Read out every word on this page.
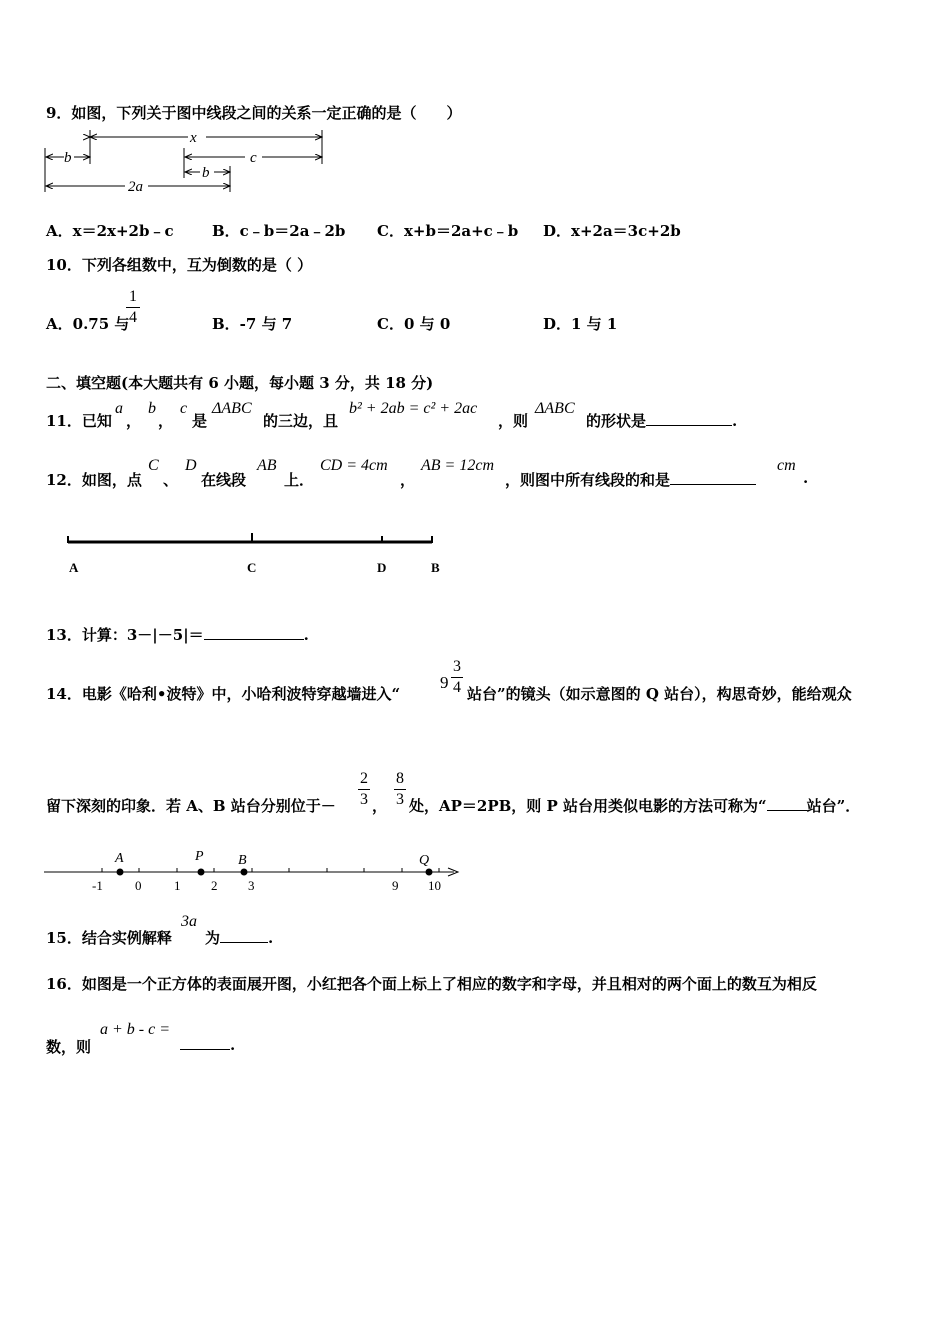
9．如图，下列关于图中线段之间的关系一定正确的是（　　）
x
b	c
2a
b
A．x＝2x+2b﹣c	B．c﹣b＝2a﹣2b C．x+b＝2a+c﹣b D．x+2a＝3c+2b
10．下列各组数中，互为倒数的是（ ）
A．0.75 与
1
4	B．-7 与 7	C．0 与 0	D．1 与 1
二、填空题(本大题共有 6 小题，每小题 3 分，共 18 分)
11．已知
a
，
b
，
c
是
ΔABC
的三边，且
b² + 2ab = c² + 2ac
，则
ΔABC
的形状是	.
12．如图，点
C
、
D
在线段
AB
上．
CD = 4cm
，
AB = 12cm
，则图中所有线段的和是
cm
.
A	C	D	B
13．计算：3－|－5|＝	.
14．电影《哈利•波特》中，小哈利波特穿越墙进入“
9
3
4 站台”的镜头（如示意图的 Q 站台），构思奇妙，能给观众
留下深刻的印象．若 A、B 站台分别位于－
2
3 ，
8
3 处，AP＝2PB，则 P 站台用类似电影的方法可称为“	站台”．
A	P B	Q
-1 0	1 2 3	9 10
15．结合实例解释
3a
为	.
16．如图是一个正方体的表面展开图，小红把各个面上标上了相应的数字和字母，并且相对的两个面上的数互为相反
数，则
a + b - c =
.
